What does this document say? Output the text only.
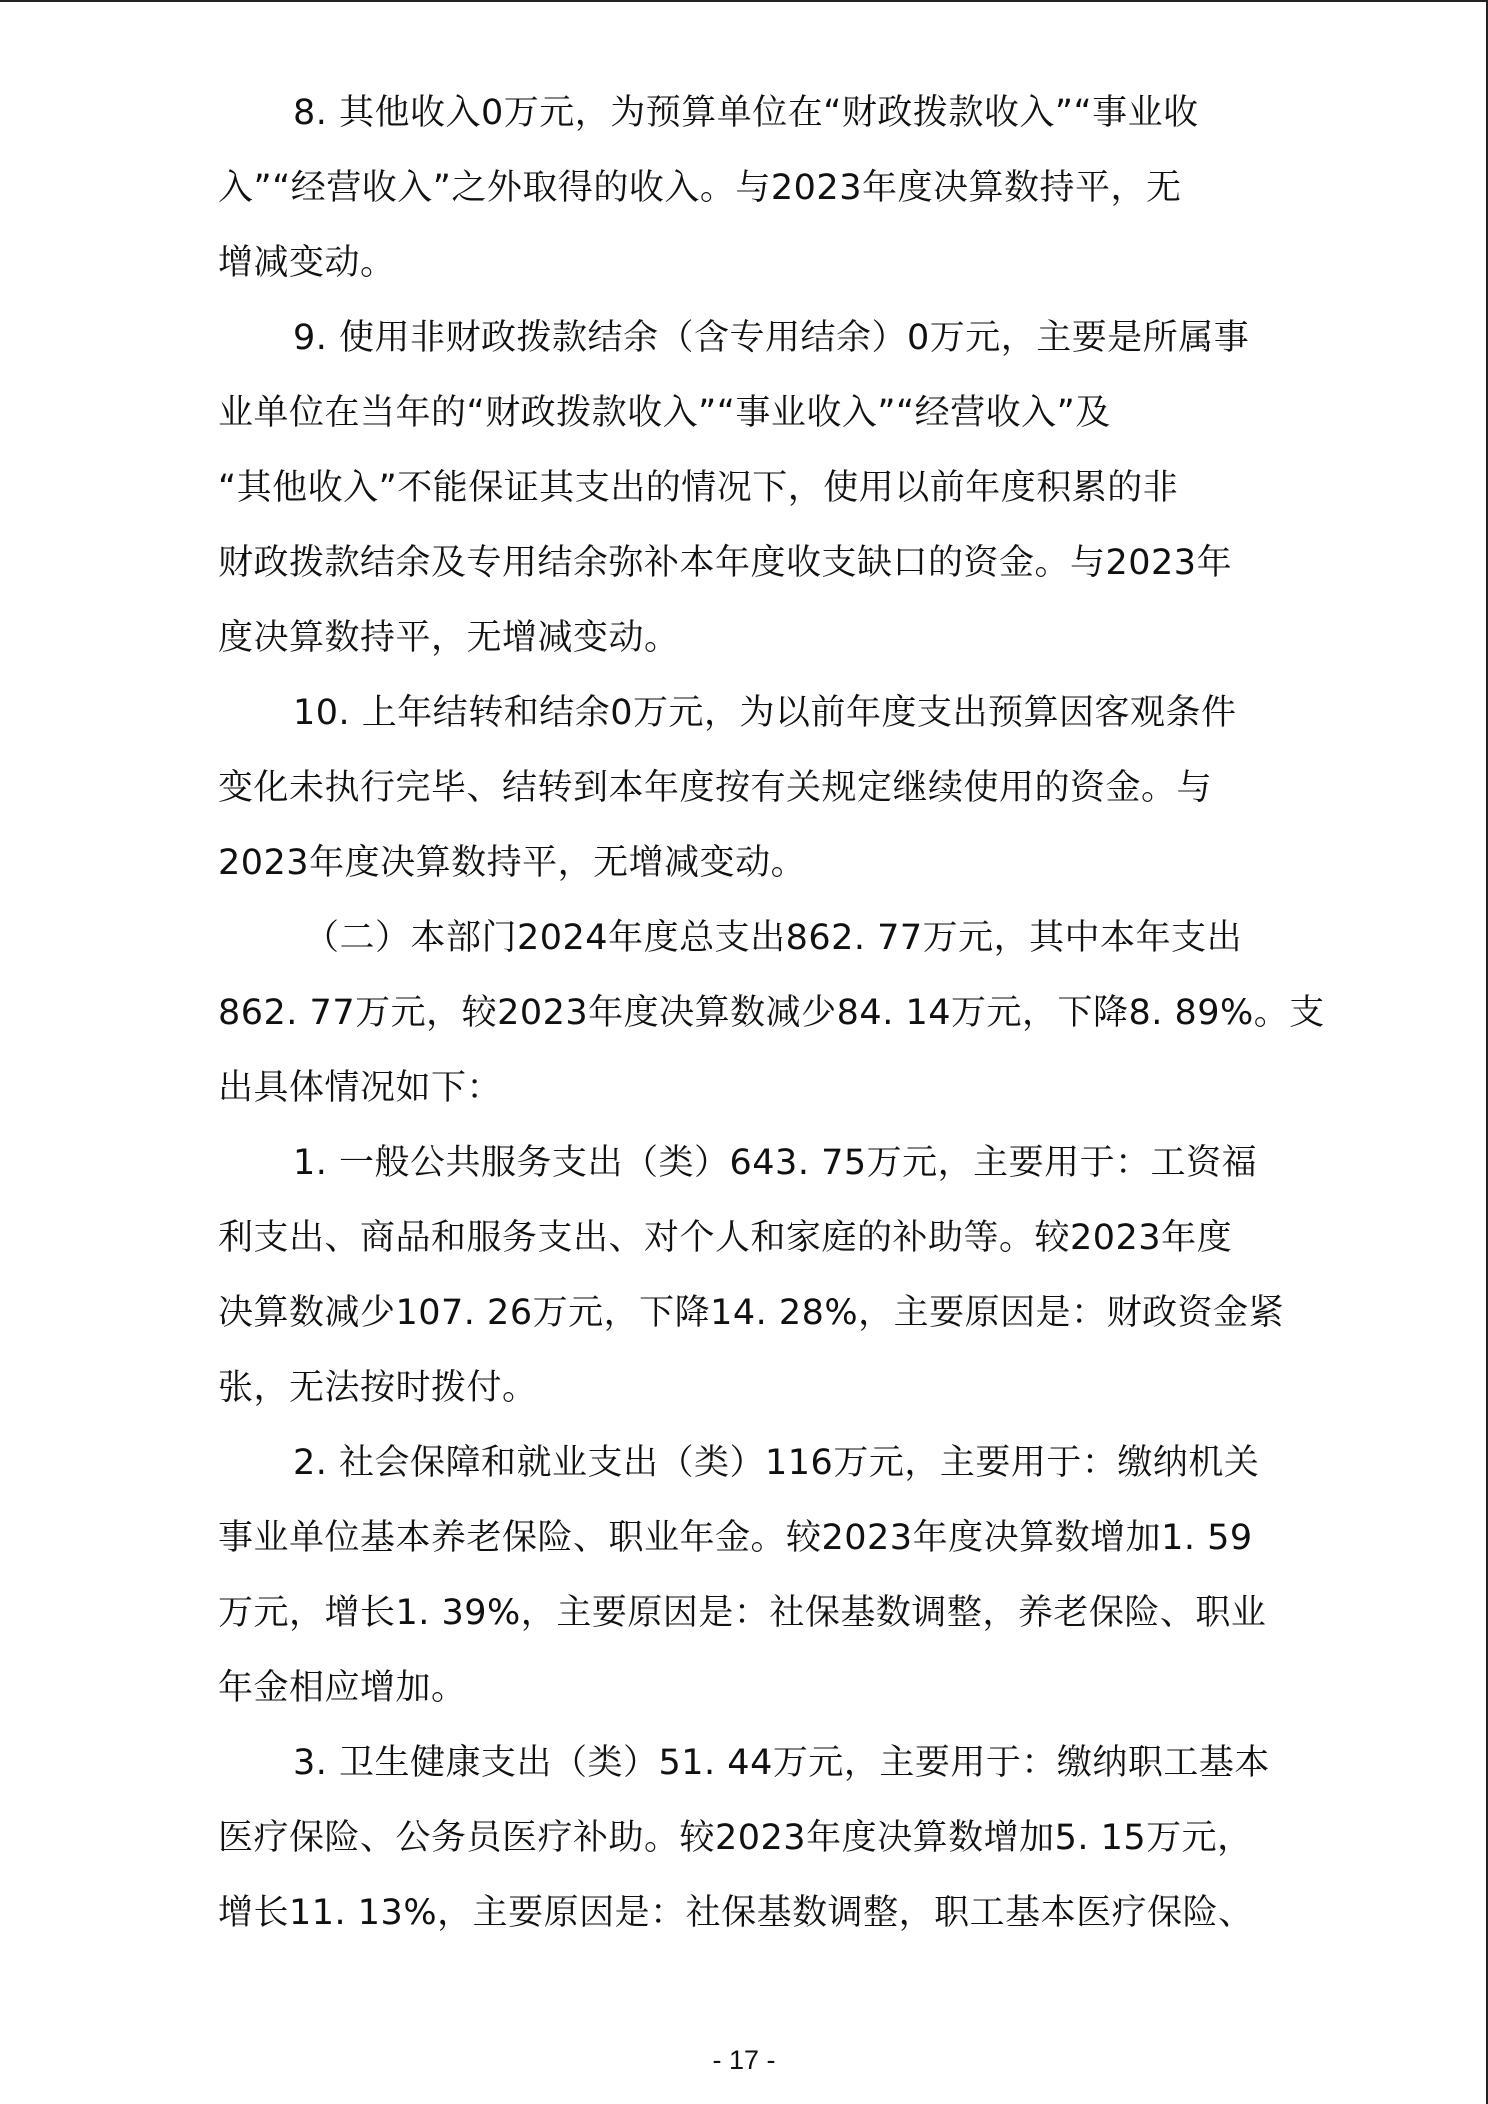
8. 其他收入0万元，为预算单位在“财政拨款收入”“事业收
入”“经营收入”之外取得的收入。与2023年度决算数持平，无
增减变动。
9. 使用非财政拨款结余（含专用结余）0万元，主要是所属事
业单位在当年的“财政拨款收入”“事业收入”“经营收入”及
“其他收入”不能保证其支出的情况下，使用以前年度积累的非
财政拨款结余及专用结余弥补本年度收支缺口的资金。与2023年
度决算数持平，无增减变动。
10. 上年结转和结余0万元，为以前年度支出预算因客观条件
变化未执行完毕、结转到本年度按有关规定继续使用的资金。与
2023年度决算数持平，无增减变动。
（二）本部门2024年度总支出862. 77万元，其中本年支出
862. 77万元，较2023年度决算数减少84. 14万元，下降8. 89%。支
出具体情况如下：
1. 一般公共服务支出（类）643. 75万元，主要用于：工资福
利支出、商品和服务支出、对个人和家庭的补助等。较2023年度
决算数减少107. 26万元，下降14. 28%，主要原因是：财政资金紧
张，无法按时拨付。
2. 社会保障和就业支出（类）116万元，主要用于：缴纳机关
事业单位基本养老保险、职业年金。较2023年度决算数增加1. 59
万元，增长1. 39%，主要原因是：社保基数调整，养老保险、职业
年金相应增加。
3. 卫生健康支出（类）51. 44万元，主要用于：缴纳职工基本
医疗保险、公务员医疗补助。较2023年度决算数增加5. 15万元，
增长11. 13%，主要原因是：社保基数调整，职工基本医疗保险、
- 17 -
